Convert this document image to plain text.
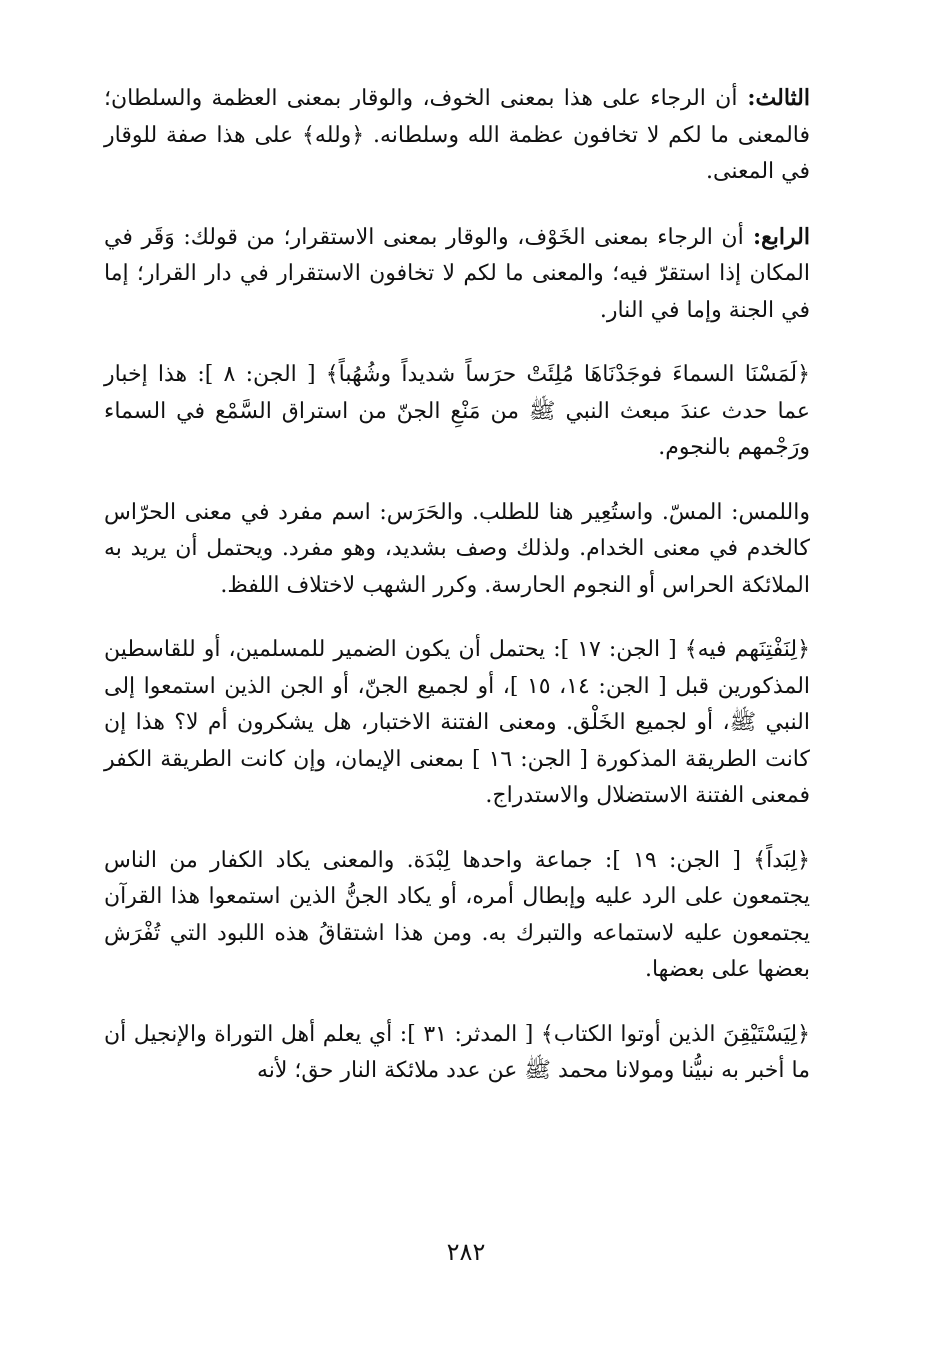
الثالث: أن الرجاء على هذا بمعنى الخوف، والوقار بمعنى العظمة والسلطان؛ فالمعنى ما لكم لا تخافون عظمة الله وسلطانه. ﴿ولله﴾ على هذا صفة للوقار في المعنى.

الرابع: أن الرجاء بمعنى الخَوْف، والوقار بمعنى الاستقرار؛ من قولك: وَقَر في المكان إذا استقرّ فيه؛ والمعنى ما لكم لا تخافون الاستقرار في دار القرار؛ إما في الجنة وإما في النار.

﴿لَمَسْنَا السماءَ فوجَدْنَاهَا مُلِئَتْ حرَساً شديداً وشُهُباً﴾ [ الجن: ٨ ]: هذا إخبار عما حدث عندَ مبعث النبي ﷺ من مَنْعِ الجنّ من استراق السَّمْع في السماء ورَجْمهم بالنجوم.

واللمس: المسّ. واستُعِير هنا للطلب. والحَرَس: اسم مفرد في معنى الحرّاس كالخدم في معنى الخدام. ولذلك وصف بشديد، وهو مفرد. ويحتمل أن يريد به الملائكة الحراس أو النجوم الحارسة. وكرر الشهب لاختلاف اللفظ.

﴿لِنَفْتِنَهم فيه﴾ [ الجن: ١٧ ]: يحتمل أن يكون الضمير للمسلمين، أو للقاسطين المذكورين قبل [ الجن: ١٤، ١٥ ]، أو لجميع الجنّ، أو الجن الذين استمعوا إلى النبي ﷺ، أو لجميع الخَلْق. ومعنى الفتنة الاختبار، هل يشكرون أم لا؟ هذا إن كانت الطريقة المذكورة [ الجن: ١٦ ] بمعنى الإيمان، وإن كانت الطريقة الكفر فمعنى الفتنة الاستضلال والاستدراج.

﴿لِبَداً﴾ [ الجن: ١٩ ]: جماعة واحدها لِبْدَة. والمعنى يكاد الكفار من الناس يجتمعون على الرد عليه وإبطال أمره، أو يكاد الجنُّ الذين استمعوا هذا القرآن يجتمعون عليه لاستماعه والتبرك به. ومن هذا اشتقاقُ هذه اللبود التي تُفْرَش بعضها على بعضها.

﴿لِيَسْتَيْقِنَ الذين أوتوا الكتاب﴾ [ المدثر: ٣١ ]: أي يعلم أهل التوراة والإنجيل أن ما أخبر به نبيُّنا ومولانا محمد ﷺ عن عدد ملائكة النار حق؛ لأنه

٢٨٢
